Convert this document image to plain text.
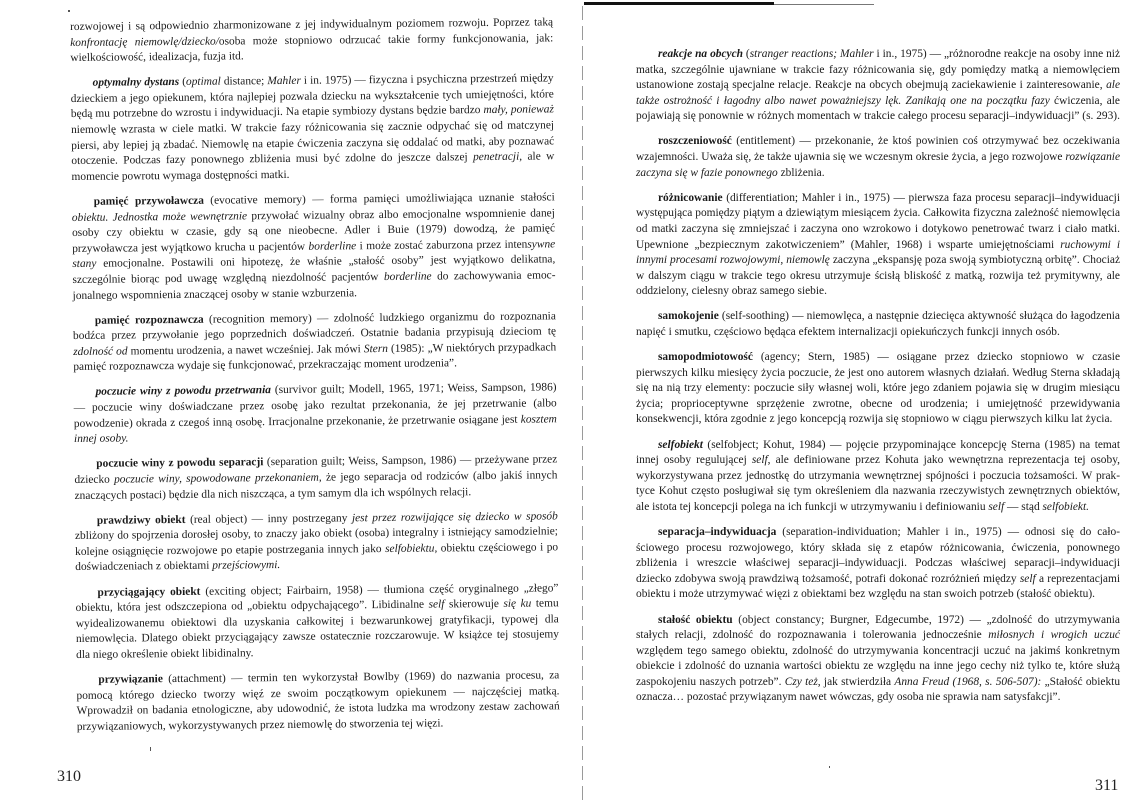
rozwojowej i są odpowiednio zharmonizowane z jej indywidualnym poziomem rozwoju. Poprzez taką konfrontację niemowlę/dziecko/osoba może stopniowo odrzucać takie formy funkcjonowania, jak: wielkościowość, idealizacja, fuzja itd.

optymalny dystans (optimal distance; Mahler i in. 1975) — fizyczna i psychiczna przestrzeń między dzieckiem a jego opiekunem, która najlepiej pozwala dziecku na wykształcenie tych umiejętności, które będą mu potrzebne do wzrostu i indywiduacji. Na etapie symbiozy dystans będzie bardzo mały, ponieważ niemowlę wzrasta w ciele matki. W trakcie fazy różnicowania się zacznie odpychać się od matczynej piersi, aby lepiej ją zbadać. Niemowlę na etapie ćwiczenia zaczyna się oddalać od matki, aby poznawać otoczenie. Podczas fazy ponownego zbliżenia musi być zdolne do jeszcze dalszej penetracji, ale w momencie powrotu wymaga dostępności matki.

pamięć przywoławcza (evocative memory) — forma pamięci umożliwiająca uznanie stałości obiektu. Jednostka może wewnętrznie przywołać wizualny obraz albo emocjonalne wspomnienie danej osoby czy obiektu w czasie, gdy są one nieobecne. Adler i Buie (1979) dowodzą, że pamięć przywoławcza jest wyjątkowo krucha u pacjentów borderline i może zostać zaburzona przez intensywne stany emocjonalne. Postawili oni hipotezę, że właśnie „stałość osoby” jest wyjątkowo delikatna, szczególnie biorąc pod uwagę względną niezdolność pacjentów borderline do zachowywania emocjonalnego wspomnienia znaczącej osoby w stanie wzburzenia.

pamięć rozpoznawcza (recognition memory) — zdolność ludzkiego organizmu do rozpoznania bodźca przez przywołanie jego poprzednich doświadczeń. Ostatnie badania przypisują dzieciom tę zdolność od momentu urodzenia, a nawet wcześniej. Jak mówi Stern (1985): „W niektórych przypadkach pamięć rozpoznawcza wydaje się funkcjonować, przekraczając moment urodzenia”.

poczucie winy z powodu przetrwania (survivor guilt; Modell, 1965, 1971; Weiss, Sampson, 1986) — poczucie winy doświadczane przez osobę jako rezultat przekonania, że jej przetrwanie (albo powodzenie) okrada z czegoś inną osobę. Irracjonalne przekonanie, że przetrwanie osiągane jest kosztem innej osoby.

poczucie winy z powodu separacji (separation guilt; Weiss, Sampson, 1986) — przeżywane przez dziecko poczucie winy, spowodowane przekonaniem, że jego separacja od rodziców (albo jakiś innych znaczących postaci) będzie dla nich niszcząca, a tym samym dla ich wspólnych relacji.

prawdziwy obiekt (real object) — inny postrzegany jest przez rozwijające się dziecko w sposób zbliżony do spojrzenia dorosłej osoby, to znaczy jako obiekt (osoba) integralny i istniejący samodzielnie; kolejne osiągnięcie rozwojowe po etapie postrzegania innych jako selfobiektu, obiektu częściowego i po doświadczeniach z obiektami przejściowymi.

przyciągający obiekt (exciting object; Fairbairn, 1958) — tłumiona część oryginalnego „złego” obiektu, która jest odszczepiona od „obiektu odpychającego”. Libidinalne self skierowuje się ku temu wyidealizowanemu obiektowi dla uzyskania całkowitej i bezwarunkowej gratyfikacji, typowej dla niemowlęcia. Dlatego obiekt przyciągający zawsze ostatecznie rozczarowuje. W książce tej stosujemy dla niego określenie obiekt libidinalny.

przywiązanie (attachment) — termin ten wykorzystał Bowlby (1969) do nazwania procesu, za pomocą którego dziecko tworzy więź ze swoim początkowym opiekunem — najczęściej matką. Wprowadził on badania etnologiczne, aby udowodnić, że istota ludzka ma wrodzony zestaw zachowań przywiązaniowych, wykorzystywanych przez niemowlę do stworzenia tej więzi.

310

reakcje na obcych (stranger reactions; Mahler i in., 1975) — „różnorodne reakcje na osoby inne niż matka, szczególnie ujawniane w trakcie fazy różnicowania się, gdy pomiędzy matką a niemowlęciem ustanowione zostają specjalne relacje. Reakcje na obcych obejmują zaciekawienie i zainteresowanie, ale także ostrożność i łagodny albo nawet poważniejszy lęk. Zanikają one na początku fazy ćwiczenia, ale pojawiają się ponownie w różnych momentach w trakcie całego procesu separacji–indywiduacji” (s. 293).

roszczeniowość (entitlement) — przekonanie, że ktoś powinien coś otrzymywać bez oczekiwania wzajemności. Uważa się, że także ujawnia się we wczesnym okresie życia, a jego rozwojowe rozwiązanie zaczyna się w fazie ponownego zbliżenia.

różnicowanie (differentiation; Mahler i in., 1975) — pierwsza faza procesu separacji–indywiduacji występująca pomiędzy piątym a dziewiątym miesiącem życia. Całkowita fizyczna zależność niemowlęcia od matki zaczyna się zmniejszać i zaczyna ono wzrokowo i dotykowo penetrować twarz i ciało matki. Upewnione „bezpiecznym zakotwiczeniem” (Mahler, 1968) i wsparte umiejętnościami ruchowymi i innymi procesami rozwojowymi, niemowlę zaczyna „ekspansję poza swoją symbiotyczną orbitę”. Chociaż w dalszym ciągu w trakcie tego okresu utrzymuje ścisłą bliskość z matką, rozwija też prymitywny, ale oddzielony, cielesny obraz samego siebie.

samokojenie (self-soothing) — niemowlęca, a następnie dziecięca aktywność służąca do łagodzenia napięć i smutku, częściowo będąca efektem internalizacji opiekuńczych funkcji innych osób.

samopodmiotowość (agency; Stern, 1985) — osiągane przez dziecko stopniowo w czasie pierwszych kilku miesięcy życia poczucie, że jest ono autorem własnych działań. Według Sterna składają się na nią trzy elementy: poczucie siły własnej woli, które jego zdaniem pojawia się w drugim miesiącu życia; proprioceptywne sprzężenie zwrotne, obecne od urodzenia; i umiejętność przewidywania konsekwencji, która zgodnie z jego koncepcją rozwija się stopniowo w ciągu pierwszych kilku lat życia.

selfobiekt (selfobject; Kohut, 1984) — pojęcie przypominające koncepcję Sterna (1985) na temat innej osoby regulującej self, ale definiowane przez Kohuta jako wewnętrzna reprezentacja tej osoby, wykorzystywana przez jednostkę do utrzymania wewnętrznej spójności i poczucia tożsamości. W praktyce Kohut często posługiwał się tym określeniem dla nazwania rzeczywistych zewnętrznych obiektów, ale istota tej koncepcji polega na ich funkcji w utrzymywaniu i definiowaniu self — stąd selfobiekt.

separacja–indywiduacja (separation-individuation; Mahler i in., 1975) — odnosi się do całościowego procesu rozwojowego, który składa się z etapów różnicowania, ćwiczenia, ponownego zbliżenia i wreszcie właściwej separacji–indywiduacji. Podczas właściwej separacji–indywiduacji dziecko zdobywa swoją prawdziwą tożsamość, potrafi dokonać rozróżnień między self a reprezentacjami obiektu i może utrzymywać więzi z obiektami bez względu na stan swoich potrzeb (stałość obiektu).

stałość obiektu (object constancy; Burgner, Edgecumbe, 1972) — „zdolność do utrzymywania stałych relacji, zdolność do rozpoznawania i tolerowania jednocześnie miłosnych i wrogich uczuć względem tego samego obiektu, zdolność do utrzymywania koncentracji uczuć na jakimś konkretnym obiekcie i zdolność do uznania wartości obiektu ze względu na inne jego cechy niż tylko te, które służą zaspokojeniu naszych potrzeb”. Czy też, jak stwierdziła Anna Freud (1968, s. 506-507): „Stałość obiektu oznacza… pozostać przywiązanym nawet wówczas, gdy osoba nie sprawia nam satysfakcji”.

311
